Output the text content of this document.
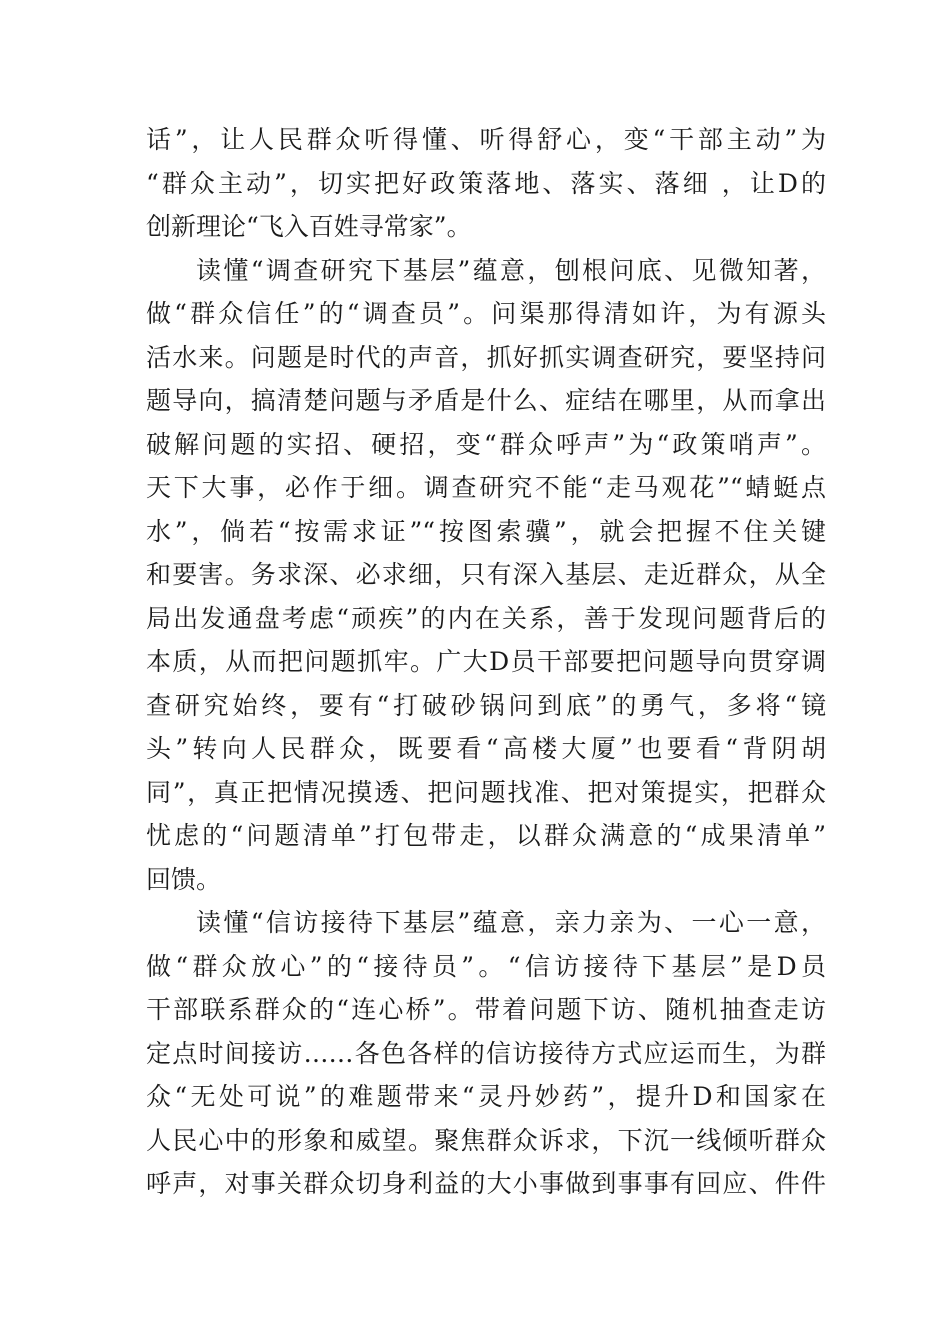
话”，让人民群众听得懂、听得舒心，变“干部主动”为
“群众主动”，切实把好政策落地、落实、落细 ，让D的
创新理论“飞入百姓寻常家”。
读懂“调查研究下基层”蕴意，刨根问底、见微知著，
做“群众信任”的“调查员”。问渠那得清如许，为有源头
活水来。问题是时代的声音，抓好抓实调查研究，要坚持问
题导向，搞清楚问题与矛盾是什么、症结在哪里，从而拿出
破解问题的实招、硬招，变“群众呼声”为“政策哨声”。
天下大事，必作于细。调查研究不能“走马观花”“蜻蜓点
水”，倘若“按需求证”“按图索骥”，就会把握不住关键
和要害。务求深、必求细，只有深入基层、走近群众，从全
局出发通盘考虑“顽疾”的内在关系，善于发现问题背后的
本质，从而把问题抓牢。广大D员干部要把问题导向贯穿调
查研究始终，要有“打破砂锅问到底”的勇气，多将“镜
头”转向人民群众，既要看“高楼大厦”也要看“背阴胡
同”，真正把情况摸透、把问题找准、把对策提实，把群众
忧虑的“问题清单”打包带走，以群众满意的“成果清单”
回馈。
读懂“信访接待下基层”蕴意，亲力亲为、一心一意，
做“群众放心”的“接待员”。“信访接待下基层”是D员
干部联系群众的“连心桥”。带着问题下访、随机抽查走访
定点时间接访……各色各样的信访接待方式应运而生，为群
众“无处可说”的难题带来“灵丹妙药”，提升D和国家在
人民心中的形象和威望。聚焦群众诉求，下沉一线倾听群众
呼声，对事关群众切身利益的大小事做到事事有回应、件件
